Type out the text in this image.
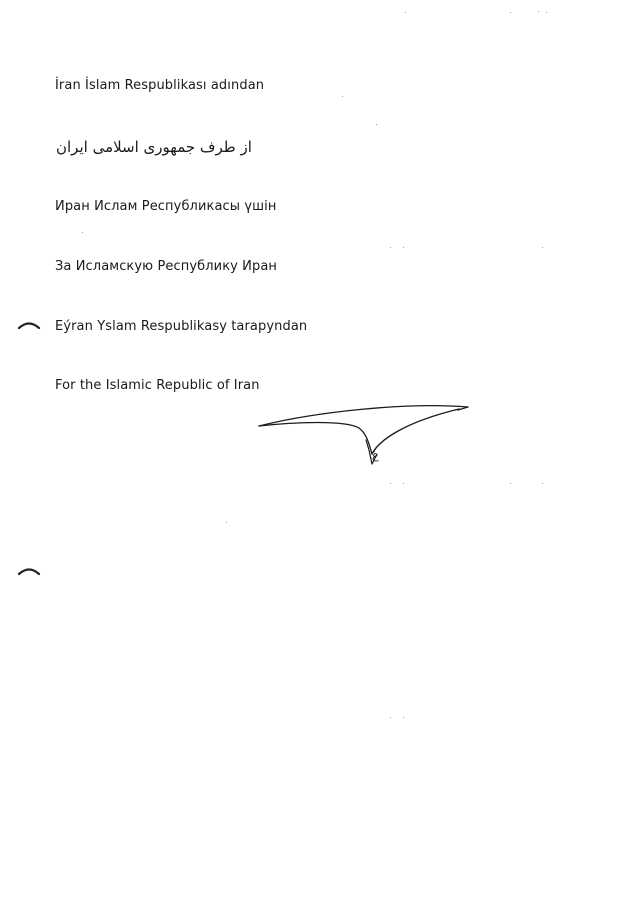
İran İslam Respublikası adından
از طرف جمهوری اسلامی ایران
Иран Ислам Республикасы үшін
За Исламскую Республику Иран
Eýran Yslam Respublikasy tarapyndan
For the Islamic Republic of Iran
غ
